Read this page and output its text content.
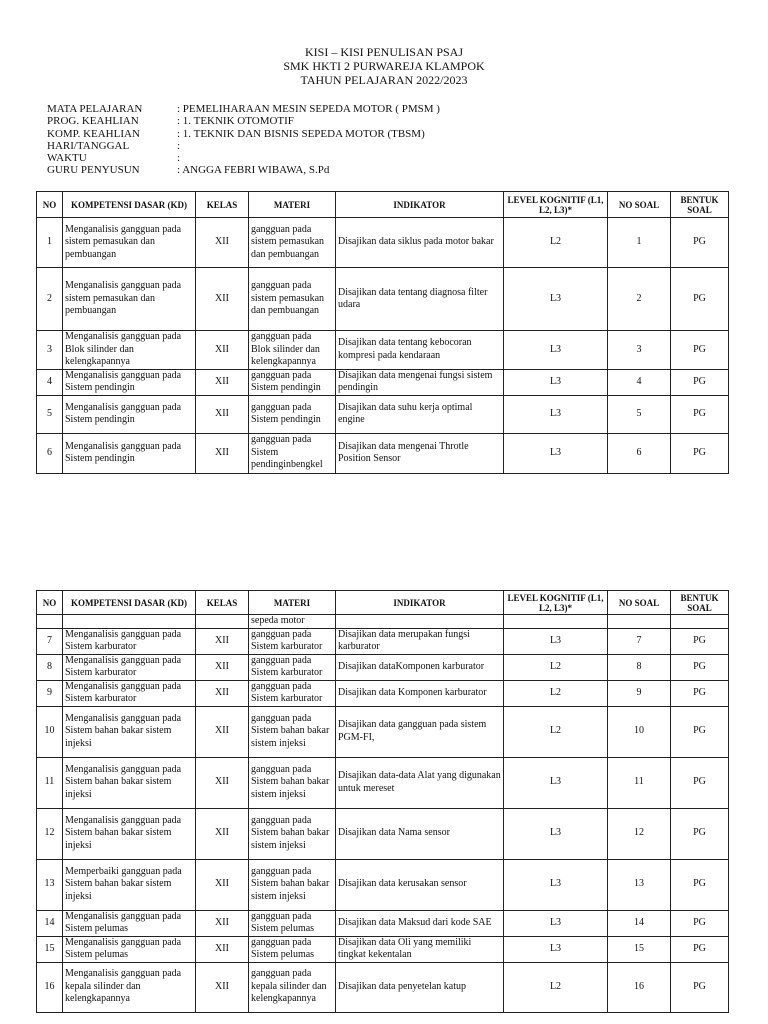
KISI – KISI PENULISAN PSAJ
SMK HKTI 2 PURWAREJA KLAMPOK
TAHUN PELAJARAN 2022/2023
MATA PELAJARAN	: PEMELIHARAAN MESIN SEPEDA MOTOR ( PMSM )
PROG. KEAHLIAN	: 1. TEKNIK OTOMOTIF
KOMP. KEAHLIAN	: 1. TEKNIK DAN BISNIS SEPEDA MOTOR (TBSM)
HARI/TANGGAL	:
WAKTU	:
GURU PENYUSUN	: ANGGA FEBRI WIBAWA, S.Pd
NO	KOMPETENSI DASAR (KD)	KELAS	MATERI	INDIKATOR	LEVEL KOGNITIF (L1, L2, L3)*	NO SOAL	BENTUK SOAL
1	Menganalisis gangguan pada sistem pemasukan dan pembuangan	XII	gangguan pada sistem pemasukan dan pembuangan	Disajikan data siklus pada motor bakar	L2	1	PG
2	Menganalisis gangguan pada sistem pemasukan dan pembuangan	XII	gangguan pada sistem pemasukan dan pembuangan	Disajikan data tentang diagnosa filter udara	L3	2	PG
3	Menganalisis gangguan pada Blok silinder dan kelengkapannya	XII	gangguan pada Blok silinder dan kelengkapannya	Disajikan data tentang kebocoran kompresi pada kendaraan	L3	3	PG
4	Menganalisis gangguan pada Sistem pendingin	XII	gangguan pada Sistem pendingin	Disajikan data mengenai fungsi sistem pendingin	L3	4	PG
5	Menganalisis gangguan pada Sistem pendingin	XII	gangguan pada Sistem pendingin	Disajikan data suhu kerja optimal engine	L3	5	PG
6	Menganalisis gangguan pada Sistem pendingin	XII	gangguan pada Sistem pendinginbengkel	Disajikan data mengenai Throtle Position Sensor	L3	6	PG
NO	KOMPETENSI DASAR (KD)	KELAS	MATERI	INDIKATOR	LEVEL KOGNITIF (L1, L2, L3)*	NO SOAL	BENTUK SOAL
			sepeda motor				
7	Menganalisis gangguan pada Sistem karburator	XII	gangguan pada Sistem karburator	Disajikan data merupakan fungsi karburator	L3	7	PG
8	Menganalisis gangguan pada Sistem karburator	XII	gangguan pada Sistem karburator	Disajikan dataKomponen karburator	L2	8	PG
9	Menganalisis gangguan pada Sistem karburator	XII	gangguan pada Sistem karburator	Disajikan data Komponen karburator	L2	9	PG
10	Menganalisis gangguan pada Sistem bahan bakar sistem injeksi	XII	gangguan pada Sistem bahan bakar sistem injeksi	Disajikan data gangguan pada sistem PGM-FI,	L2	10	PG
11	Menganalisis gangguan pada Sistem bahan bakar sistem injeksi	XII	gangguan pada Sistem bahan bakar sistem injeksi	Disajikan data-data Alat yang digunakan untuk mereset	L3	11	PG
12	Menganalisis gangguan pada Sistem bahan bakar sistem injeksi	XII	gangguan pada Sistem bahan bakar sistem injeksi	Disajikan data Nama sensor	L3	12	PG
13	Memperbaiki gangguan pada Sistem bahan bakar sistem injeksi	XII	gangguan pada Sistem bahan bakar sistem injeksi	Disajikan data kerusakan sensor	L3	13	PG
14	Menganalisis gangguan pada Sistem pelumas	XII	gangguan pada Sistem pelumas	Disajikan data Maksud dari kode SAE	L3	14	PG
15	Menganalisis gangguan pada Sistem pelumas	XII	gangguan pada Sistem pelumas	Disajikan data Oli yang memiliki tingkat kekentalan	L3	15	PG
16	Menganalisis gangguan pada kepala silinder dan kelengkapannya	XII	gangguan pada kepala silinder dan kelengkapannya	Disajikan data penyetelan katup	L2	16	PG
